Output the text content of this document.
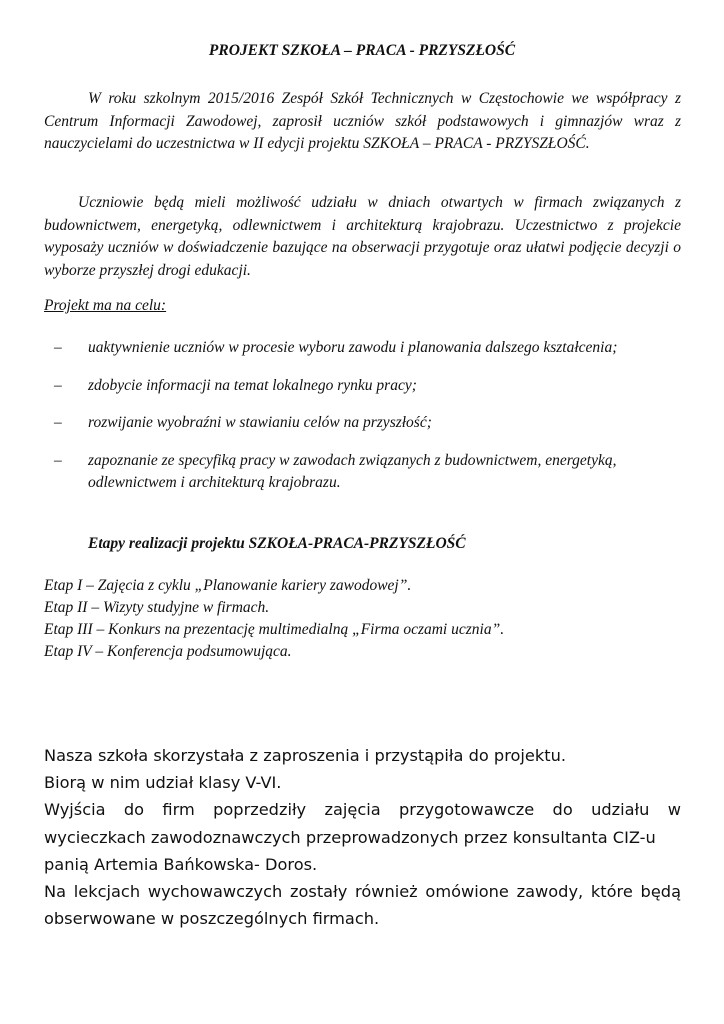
PROJEKT SZKOŁA – PRACA - PRZYSZŁOŚĆ

W roku szkolnym 2015/2016 Zespół Szkół Technicznych w Częstochowie we współpracy z Centrum Informacji Zawodowej, zaprosił uczniów szkół podstawowych i gimnazjów wraz z nauczycielami do uczestnictwa w II edycji projektu SZKOŁA – PRACA - PRZYSZŁOŚĆ.

Uczniowie będą mieli możliwość udziału w dniach otwartych w firmach związanych z budownictwem, energetyką, odlewnictwem i architekturą krajobrazu. Uczestnictwo z projekcie wyposaży uczniów w doświadczenie bazujące na obserwacji przygotuje oraz ułatwi podjęcie decyzji o wyborze przyszłej drogi edukacji.

Projekt ma na celu:

– uaktywnienie uczniów w procesie wyboru zawodu i planowania dalszego kształcenia;
– zdobycie informacji na temat lokalnego rynku pracy;
– rozwijanie wyobraźni w stawianiu celów na przyszłość;
– zapoznanie ze specyfiką pracy w zawodach związanych z budownictwem, energetyką, odlewnictwem i architekturą krajobrazu.

Etapy realizacji projektu SZKOŁA-PRACA-PRZYSZŁOŚĆ

Etap I – Zajęcia z cyklu „Planowanie kariery zawodowej”.
Etap II – Wizyty studyjne w firmach.
Etap III – Konkurs na prezentację multimedialną „Firma oczami ucznia”.
Etap IV – Konferencja podsumowująca.

Nasza szkoła skorzystała z zaproszenia i przystąpiła do projektu.

Biorą w nim udział klasy V-VI.

Wyjścia do firm poprzedziły zajęcia przygotowawcze do udziału w wycieczkach zawodoznawczych przeprowadzonych przez konsultanta CIZ-u

panią Artemia Bańkowska- Doros.

Na lekcjach wychowawczych zostały również omówione zawody, które będą obserwowane w poszczególnych firmach.
